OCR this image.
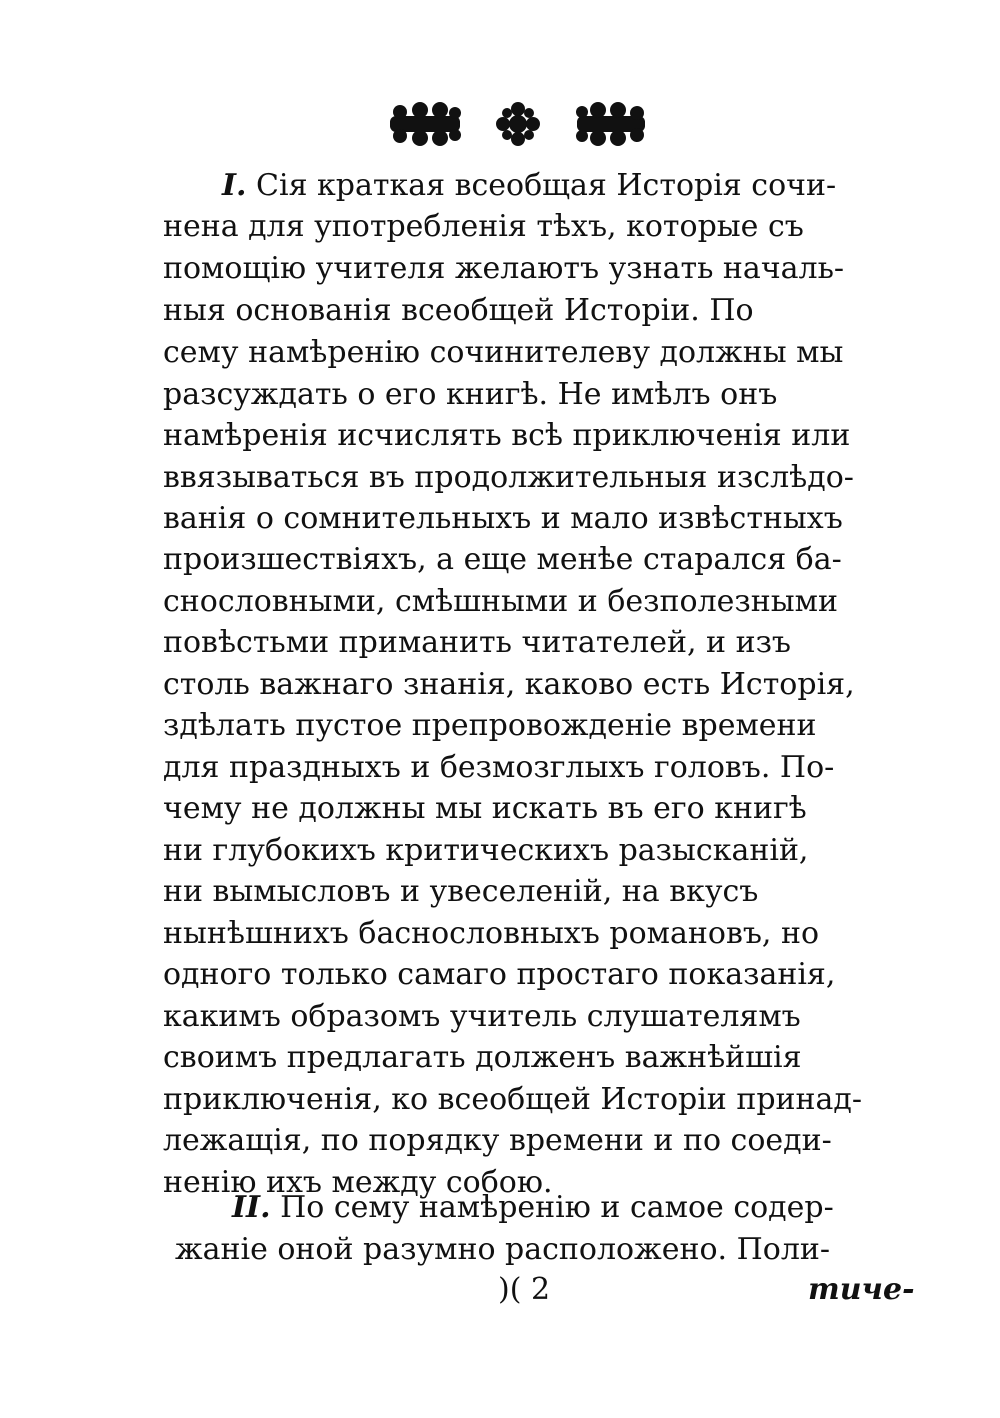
I. Сія краткая всеобщая Исторія сочи-
нена для употребленія тѣхъ, которые съ
помощію учителя желаютъ узнать началь-
ныя основанія всеобщей Исторіи. По
сему намѣренію сочинителеву должны мы
разсуждать о его книгѣ. Не имѣлъ онъ
намѣренія исчислять всѣ приключенія или
ввязываться въ продолжительныя изслѣдо-
ванія о сомнительныхъ и мало извѣстныхъ
произшествіяхъ, а еще менѣе старался ба-
снословными, смѣшными и безполезными
повѣстьми приманить читателей, и изъ
столь важнаго знанія, каково есть Исторія,
здѣлать пустое препровожденіе времени
для праздныхъ и безмозглыхъ головъ. По-
чему не должны мы искать въ его книгѣ
ни глубокихъ критическихъ разысканій,
ни вымысловъ и увеселеній, на вкусъ
нынѣшнихъ баснословныхъ романовъ, но
одного только самаго простаго показанія,
какимъ образомъ учитель слушателямъ
своимъ предлагать долженъ важнѣйшія
приключенія, ко всеобщей Исторіи принад-
лежащія, по порядку времени и по соеди-
ненію ихъ между собою.
II. По сему намѣренію и самое содер-
жаніе оной разумно расположено. Поли-
)( 2	тиче-
